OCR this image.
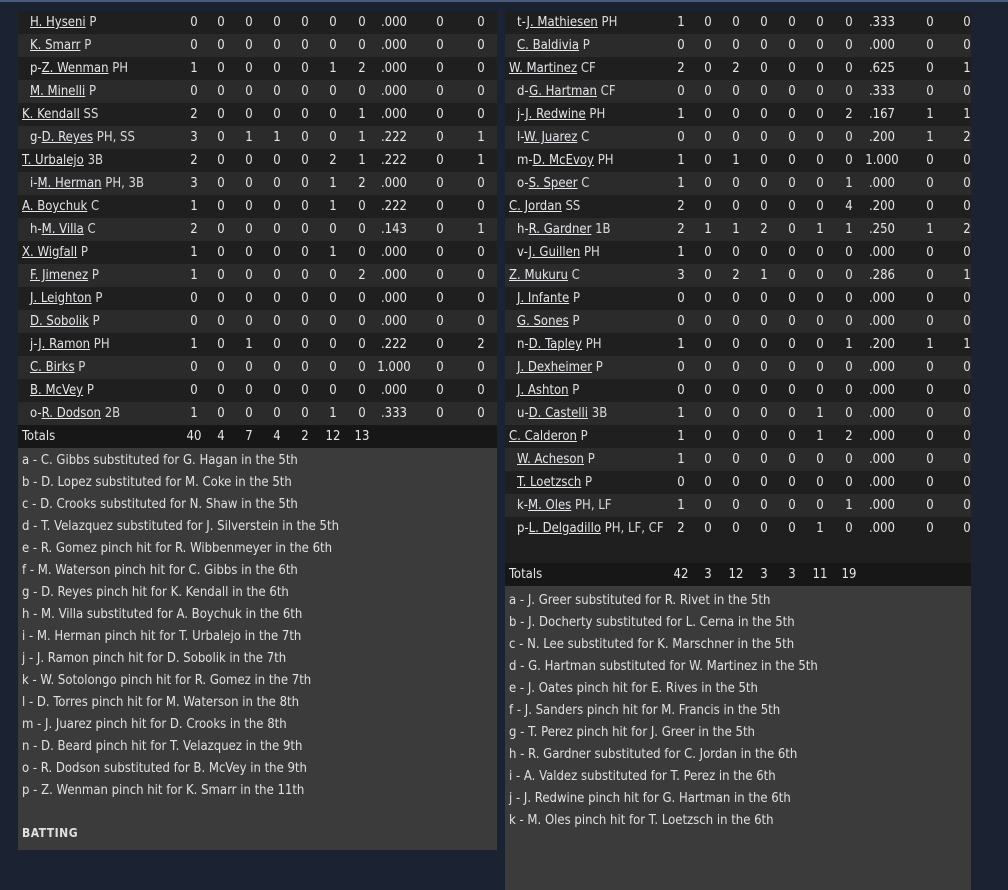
H. Hyseni P	0	0	0	0	0	0	0	.000	0	0
K. Smarr P	0	0	0	0	0	0	0	.000	0	0
p-Z. Wenman PH	1	0	0	0	0	1	2	.000	0	0
M. Minelli P	0	0	0	0	0	0	0	.000	0	0
K. Kendall SS	2	0	0	0	0	0	1	.000	0	0
g-D. Reyes PH, SS	3	0	1	1	0	0	1	.222	0	1
T. Urbalejo 3B	2	0	0	0	0	2	1	.222	0	1
i-M. Herman PH, 3B	3	0	0	0	0	1	2	.000	0	0
A. Boychuk C	1	0	0	0	0	1	0	.222	0	0
h-M. Villa C	2	0	0	0	0	0	0	.143	0	1
X. Wigfall P	1	0	0	0	0	1	0	.000	0	0
F. Jimenez P	1	0	0	0	0	0	2	.000	0	0
J. Leighton P	0	0	0	0	0	0	0	.000	0	0
D. Sobolik P	0	0	0	0	0	0	0	.000	0	0
j-J. Ramon PH	1	0	1	0	0	0	0	.222	0	2
C. Birks P	0	0	0	0	0	0	0 1.000	0	0
B. McVey P	0	0	0	0	0	0	0	.000	0	0
o-R. Dodson 2B	1	0	0	0	0	1	0	.333	0	0
Totals	40	4	7	4	2	12	13
a - C. Gibbs substituted for G. Hagan in the 5th
b - D. Lopez substituted for M. Coke in the 5th
c - D. Crooks substituted for N. Shaw in the 5th
d - T. Velazquez substituted for J. Silverstein in the 5th
e - R. Gomez pinch hit for R. Wibbenmeyer in the 6th
f - M. Waterson pinch hit for C. Gibbs in the 6th
g - D. Reyes pinch hit for K. Kendall in the 6th
h - M. Villa substituted for A. Boychuk in the 6th
i - M. Herman pinch hit for T. Urbalejo in the 7th
j - J. Ramon pinch hit for D. Sobolik in the 7th
k - W. Sotolongo pinch hit for R. Gomez in the 7th
l - D. Torres pinch hit for M. Waterson in the 8th
m - J. Juarez pinch hit for D. Crooks in the 8th
n - D. Beard pinch hit for T. Velazquez in the 9th
o - R. Dodson substituted for B. McVey in the 9th
p - Z. Wenman pinch hit for K. Smarr in the 11th
t-J. Mathiesen PH	1	0	0	0	0	0	0	.333	0	0
C. Baldivia P	0	0	0	0	0	0	0	.000	0	0
W. Martinez CF	2	0	2	0	0	0	0	.625	0	1
d-G. Hartman CF	0	0	0	0	0	0	0	.333	0	0
j-J. Redwine PH	1	0	0	0	0	0	2	.167	1	1
l-W. Juarez C	0	0	0	0	0	0	0	.200	1	2
m-D. McEvoy PH	1	0	1	0	0	0	0 1.000	0	0
o-S. Speer C	1	0	0	0	0	0	1	.000	0	0
C. Jordan SS	2	0	0	0	0	0	4	.200	0	0
h-R. Gardner 1B	2	1	1	2	0	1	1	.250	1	2
v-J. Guillen PH	1	0	0	0	0	0	0	.000	0	0
Z. Mukuru C	3	0	2	1	0	0	0	.286	0	1
J. Infante P	0	0	0	0	0	0	0	.000	0	0
G. Sones P	0	0	0	0	0	0	0	.000	0	0
n-D. Tapley PH	1	0	0	0	0	0	1	.200	1	1
J. Dexheimer P	0	0	0	0	0	0	0	.000	0	0
J. Ashton P	0	0	0	0	0	0	0	.000	0	0
u-D. Castelli 3B	1	0	0	0	0	1	0	.000	0	0
C. Calderon P	1	0	0	0	0	1	2	.000	0	0
W. Acheson P	1	0	0	0	0	0	0	.000	0	0
T. Loetzsch P	0	0	0	0	0	0	0	.000	0	0
k-M. Oles PH, LF	1	0	0	0	0	0	1	.000	0	0
p-L. Delgadillo PH, LF, CF	2	0	0	0	0	1	0	.000	0	0
Totals	42	3	12	3	3	11	19
a - J. Greer substituted for R. Rivet in the 5th
b - J. Docherty substituted for L. Cerna in the 5th
c - N. Lee substituted for K. Marschner in the 5th
d - G. Hartman substituted for W. Martinez in the 5th
e - J. Oates pinch hit for E. Rives in the 5th
f - J. Sanders pinch hit for M. Francis in the 5th
g - T. Perez pinch hit for J. Greer in the 5th
h - R. Gardner substituted for C. Jordan in the 6th
i - A. Valdez substituted for T. Perez in the 6th
j - J. Redwine pinch hit for G. Hartman in the 6th
k - M. Oles pinch hit for T. Loetzsch in the 6th
BATTING
